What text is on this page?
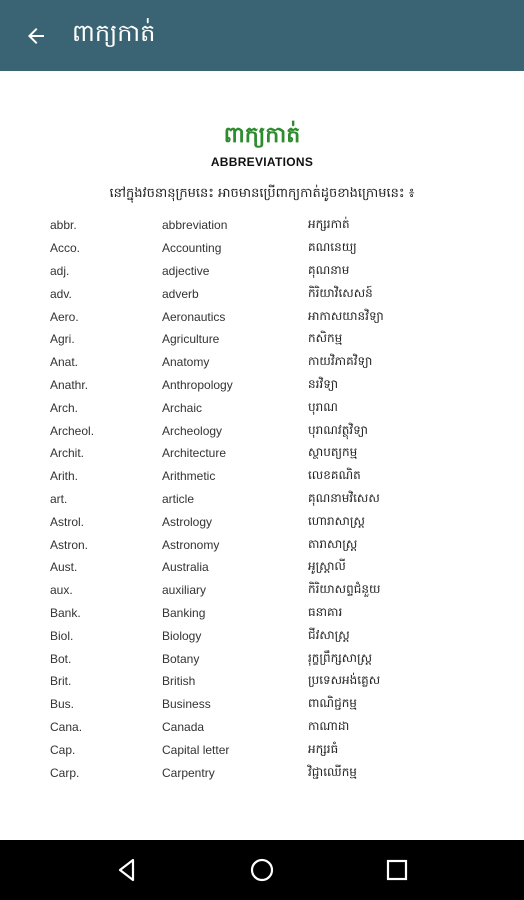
ពាក្យកាត់
ពាក្យកាត់
ABBREVIATIONS
នៅក្នុងវចនានុក្រមនេះ អាចមានប្រើពាក្យកាត់ដូចខាងក្រោមនេះ ៖
abbr.	abbreviation	អក្សរកាត់
Acco.	Accounting	គណនេយ្យ
adj.	adjective	គុណនាម
adv.	adverb	កិរិយាវិសេសន៍
Aero.	Aeronautics	អាកាសយានវិទ្យា
Agri.	Agriculture	កសិកម្ម
Anat.	Anatomy	កាយវិភាគវិទ្យា
Anathr.	Anthropology	នរវិទ្យា
Arch.	Archaic	បុរាណ
Archeol.	Archeology	បុរាណវត្ថុវិទ្យា
Archit.	Architecture	ស្ថាបត្យកម្ម
Arith.	Arithmetic	លេខគណិត
art.	article	គុណនាមវិសេស
Astrol.	Astrology	ហោរាសាស្ត្រ
Astron.	Astronomy	តារាសាស្ត្រ
Aust.	Australia	អូស្ត្រាលី
aux.	auxiliary	កិរិយាសព្ទជំនួយ
Bank.	Banking	ធនាគារ
Biol.	Biology	ជីវសាស្ត្រ
Bot.	Botany	រុក្ខព្រឹក្សសាស្ត្រ
Brit.	British	ប្រទេសអង់គ្លេស
Bus.	Business	ពាណិជ្ជកម្ម
Cana.	Canada	កាណាដា
Cap.	Capital letter	អក្សរធំ
Carp.	Carpentry	វិជ្ជាឈើកម្ម
